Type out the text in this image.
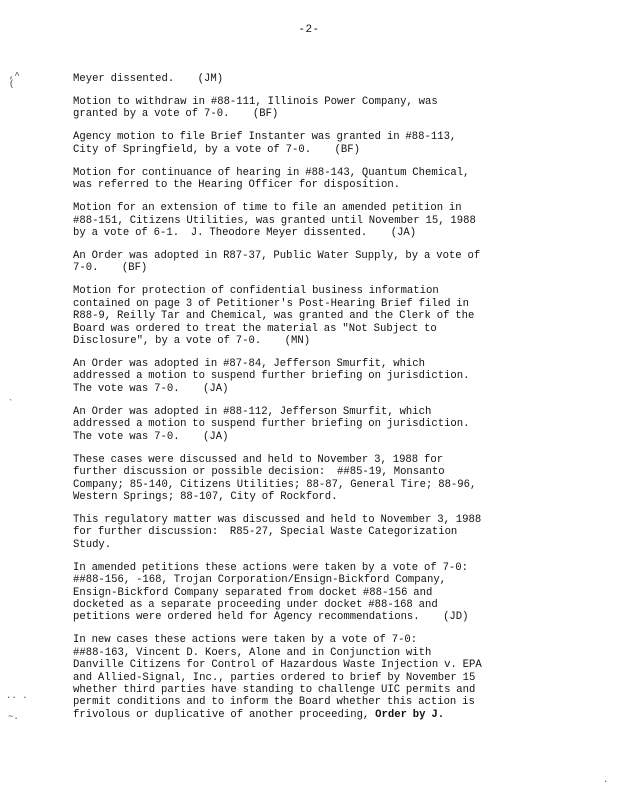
-2-
,^
(
`
.. .
~.
.

Meyer dissented.    (JM)

Motion to withdraw in #88-111, Illinois Power Company, was
granted by a vote of 7-0.    (BF)

Agency motion to file Brief Instanter was granted in #88-113,
City of Springfield, by a vote of 7-0.    (BF)

Motion for continuance of hearing in #88-143, Quantum Chemical,
was referred to the Hearing Officer for disposition.

Motion for an extension of time to file an amended petition in
#88-151, Citizens Utilities, was granted until November 15, 1988
by a vote of 6-1.  J. Theodore Meyer dissented.    (JA)

An Order was adopted in R87-37, Public Water Supply, by a vote of
7-0.    (BF)

Motion for protection of confidential business information
contained on page 3 of Petitioner's Post-Hearing Brief filed in
R88-9, Reilly Tar and Chemical, was granted and the Clerk of the
Board was ordered to treat the material as "Not Subject to
Disclosure", by a vote of 7-0.    (MN)

An Order was adopted in #87-84, Jefferson Smurfit, which
addressed a motion to suspend further briefing on jurisdiction.
The vote was 7-0.    (JA)

An Order was adopted in #88-112, Jefferson Smurfit, which
addressed a motion to suspend further briefing on jurisdiction.
The vote was 7-0.    (JA)

These cases were discussed and held to November 3, 1988 for
further discussion or possible decision:  ##85-19, Monsanto
Company; 85-140, Citizens Utilities; 88-87, General Tire; 88-96,
Western Springs; 88-107, City of Rockford.

This regulatory matter was discussed and held to November 3, 1988
for further discussion:  R85-27, Special Waste Categorization
Study.

In amended petitions these actions were taken by a vote of 7-0:
##88-156, -168, Trojan Corporation/Ensign-Bickford Company,
Ensign-Bickford Company separated from docket #88-156 and
docketed as a separate proceeding under docket #88-168 and
petitions were ordered held for Agency recommendations.    (JD)

In new cases these actions were taken by a vote of 7-0:
##88-163, Vincent D. Koers, Alone and in Conjunction with
Danville Citizens for Control of Hazardous Waste Injection v. EPA
and Allied-Signal, Inc., parties ordered to brief by November 15
whether third parties have standing to challenge UIC permits and
permit conditions and to inform the Board whether this action is
frivolous or duplicative of another proceeding, Order by J.
